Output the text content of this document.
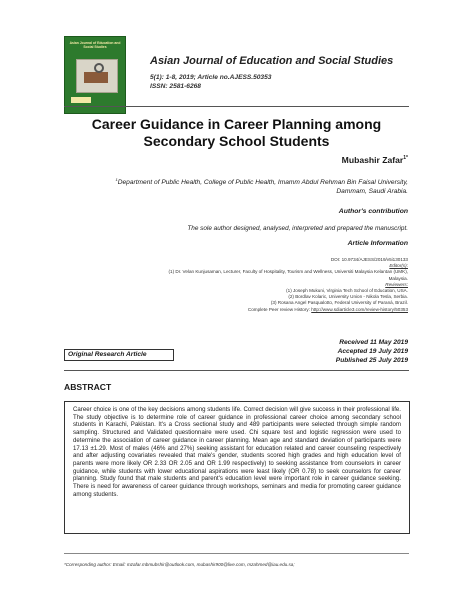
Asian Journal of Education and Social Studies
Asian Journal of Education and Social Studies
5(1): 1-8, 2019; Article no.AJESS.50353
ISSN: 2581-6268
Career Guidance in Career Planning among
Secondary School Students
Mubashir Zafar$^{1*}$
$^1$Department of Public Health, College of Public Health, Imamm Abdul Rehman Bin Faisal University,
Dammam, Saudi Arabia.
Author's contribution
The sole author designed, analysed, interpreted and prepared the manuscript.
Article Information
DOI: 10.9734/AJESS/2019/v5i130133
Editor(s):
(1) Dr. Velan Kunjusaman, Lecturer, Faculty of Hospitality, Tourism and Wellness, Universiti Malaysia Kelantan (UMK),
Malaysia.
Reviewers:
(1) Joseph Mukuni, Virginia Tech School of Education, USA.
(2) Bordlav Kolaric, University Union - Nikola Tesla, Serbia.
(3) Rosana Angel Pasqualotto, Federal University of Paraná, Brazil.
Complete Peer review History: http://www.sdiarticle3.com/review-history/50353
Original Research Article
Received 11 May 2019
Accepted 19 July 2019
Published 25 July 2019
ABSTRACT
Career choice is one of the key decisions among students life. Correct decision will give success in their professional life. The study objective is to determine role of career guidance in professional career choice among secondary school students in Karachi, Pakistan. It's a Cross sectional study and 489 participants were selected through simple random sampling. Structured and Validated questionnaire were used. Chi square test and logistic regression were used to determine the association of career guidance in career planning. Mean age and standard deviation of participants were 17.13 ±1.29. Most of males (46% and 27%) seeking assistant for education related and career counseling respectively and after adjusting covariates revealed that male's gender, students scored high grades and high education level of parents were more likely OR 2.33 OR 2.05 and OR 1.99 respectively) to seeking assistance from counselors in career guidance, while students with lower educational aspirations were least likely (OR 0.78) to seek counselors for career planning. Study found that male students and parent's education level were important role in career guidance seeking. There is need for awareness of career guidance through workshops, seminars and media for promoting career guidance among students.
*Corresponding author: Email: mzafar.mbmubshir@outlook.com, mubashir900@live.com, mzahmed@iau.edu.sa;
